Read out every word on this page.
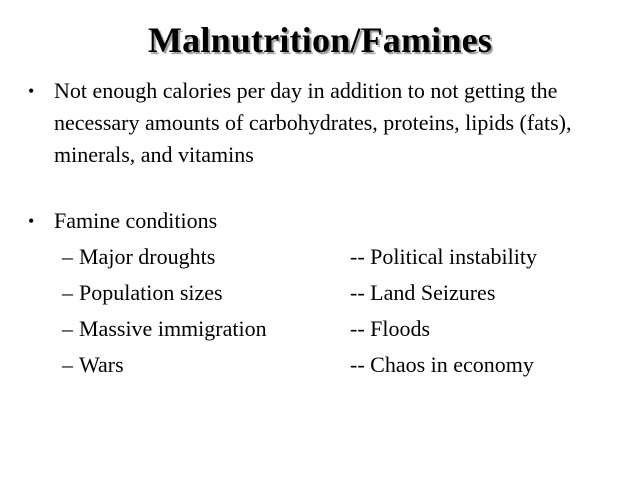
Malnutrition/Famines
• Not enough calories per day in addition to not getting the necessary amounts of carbohydrates, proteins, lipids (fats), minerals, and vitamins
• Famine conditions
– Major droughts
– Population sizes
– Massive immigration
– Wars
-- Political instability
-- Land Seizures
-- Floods
-- Chaos in economy
